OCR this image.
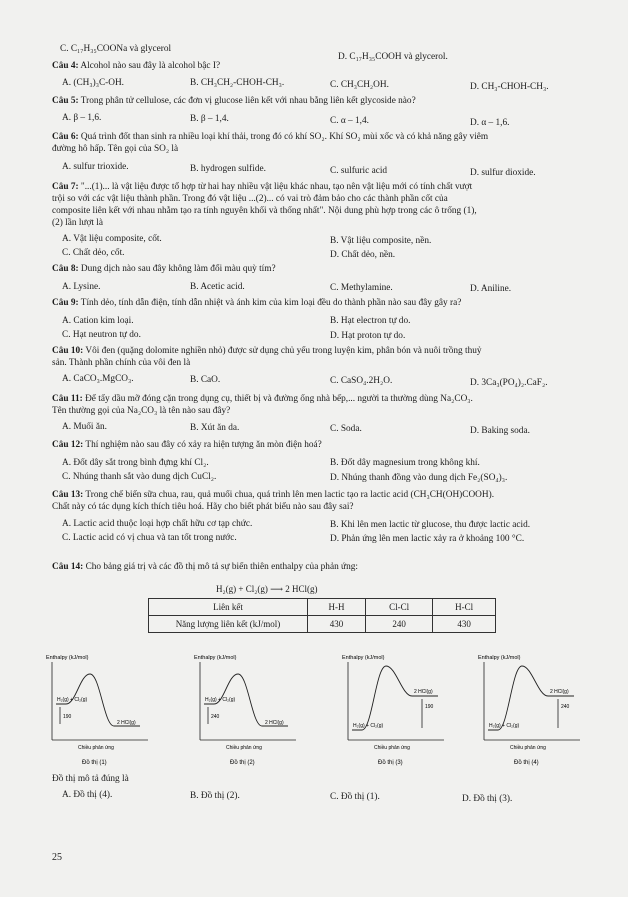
C. C₁₇H₃₅COONa và glycerol
D. C₁₇H₃₅COOH và glycerol.
Câu 4: Alcohol nào sau đây là alcohol bậc I?
A. (CH₃)₃C-OH.	B. CH₃CH₂-CHOH-CH₃.	C. CH₃CH₂OH.	D. CH₃-CHOH-CH₃.
Câu 5: Trong phân tử cellulose, các đơn vị glucose liên kết với nhau bằng liên kết glycoside nào?
A. β – 1,6.	B. β – 1,4.	C. α – 1,4.	D. α – 1,6.
Câu 6: Quá trình đốt than sinh ra nhiều loại khí thải, trong đó có khí SO₂. Khí SO₂ mùi xốc và có khả năng gây viêm
đường hô hấp. Tên gọi của SO₂ là
A. sulfur trioxide.	B. hydrogen sulfide.	C. sulfuric acid	D. sulfur dioxide.
Câu 7: "...(1)... là vật liệu được tổ hợp từ hai hay nhiều vật liệu khác nhau, tạo nên vật liệu mới có tính chất vượt
trội so với các vật liệu thành phần. Trong đó vật liệu ...(2)... có vai trò đảm bảo cho các thành phần cốt của
composite liên kết với nhau nhằm tạo ra tính nguyên khối và thống nhất". Nội dung phù hợp trong các ô trống (1),
(2) lần lượt là
A. Vật liệu composite, cốt.	B. Vật liệu composite, nền.
C. Chất dẻo, cốt.	D. Chất dẻo, nền.
Câu 8: Dung dịch nào sau đây không làm đổi màu quỳ tím?
A. Lysine.	B. Acetic acid.	C. Methylamine.	D. Aniline.
Câu 9: Tính dẻo, tính dẫn điện, tính dẫn nhiệt và ánh kim của kim loại đều do thành phần nào sau đây gây ra?
A. Cation kim loại.	B. Hạt electron tự do.
C. Hạt neutron tự do.	D. Hạt proton tự do.
Câu 10: Vôi đen (quặng dolomite nghiền nhỏ) được sử dụng chủ yếu trong luyện kim, phân bón và nuôi trồng thuỷ
sản. Thành phần chính của vôi đen là
A. CaCO₃.MgCO₃.	B. CaO.	C. CaSO₄.2H₂O.	D. 3Ca₃(PO₄)₂.CaF₂.
Câu 11: Để tẩy dầu mỡ đóng cặn trong dụng cụ, thiết bị và đường ống nhà bếp,... người ta thường dùng Na₂CO₃.
Tên thường gọi của Na₂CO₃ là tên nào sau đây?
A. Muối ăn.	B. Xút ăn da.	C. Soda.	D. Baking soda.
Câu 12: Thí nghiệm nào sau đây có xảy ra hiện tượng ăn mòn điện hoá?
A. Đốt dây sắt trong bình đựng khí Cl₂.	B. Đốt dây magnesium trong không khí.
C. Nhúng thanh sắt vào dung dịch CuCl₂.	D. Nhúng thanh đồng vào dung dịch Fe₂(SO₄)₃.
Câu 13: Trong chế biến sữa chua, rau, quả muối chua, quá trình lên men lactic tạo ra lactic acid (CH₃CH(OH)COOH).
Chất này có tác dụng kích thích tiêu hoá. Hãy cho biết phát biểu nào sau đây sai?
A. Lactic acid thuộc loại hợp chất hữu cơ tạp chức.	B. Khi lên men lactic từ glucose, thu được lactic acid.
C. Lactic acid có vị chua và tan tốt trong nước.	D. Phản ứng lên men lactic xảy ra ở khoảng 100 °C.
Câu 14: Cho bảng giá trị và các đồ thị mô tả sự biến thiên enthalpy của phản ứng:
H₂(g) + Cl₂(g) ⟶ 2 HCl(g)
Liên kết	H-H	Cl-Cl	H-Cl
Năng lượng liên kết (kJ/mol)	430	240	430
Enthalpy (kJ/mol)
H₂(g) + Cl₂(g)
2 HCl(g)
190
Chiều phản ứng
Đồ thị (1)
Enthalpy (kJ/mol)
H₂(g) + Cl₂(g)
2 HCl(g)
240
Chiều phản ứng
Đồ thị (2)
Enthalpy (kJ/mol)
H₂(g) + Cl₂(g)
2 HCl(g)
190
Chiều phản ứng
Đồ thị (3)
Enthalpy (kJ/mol)
H₂(g) + Cl₂(g)
2 HCl(g)
240
Chiều phản ứng
Đồ thị (4)
Đồ thị mô tả đúng là
A. Đồ thị (4).	B. Đồ thị (2).	C. Đồ thị (1).	D. Đồ thị (3).
25
